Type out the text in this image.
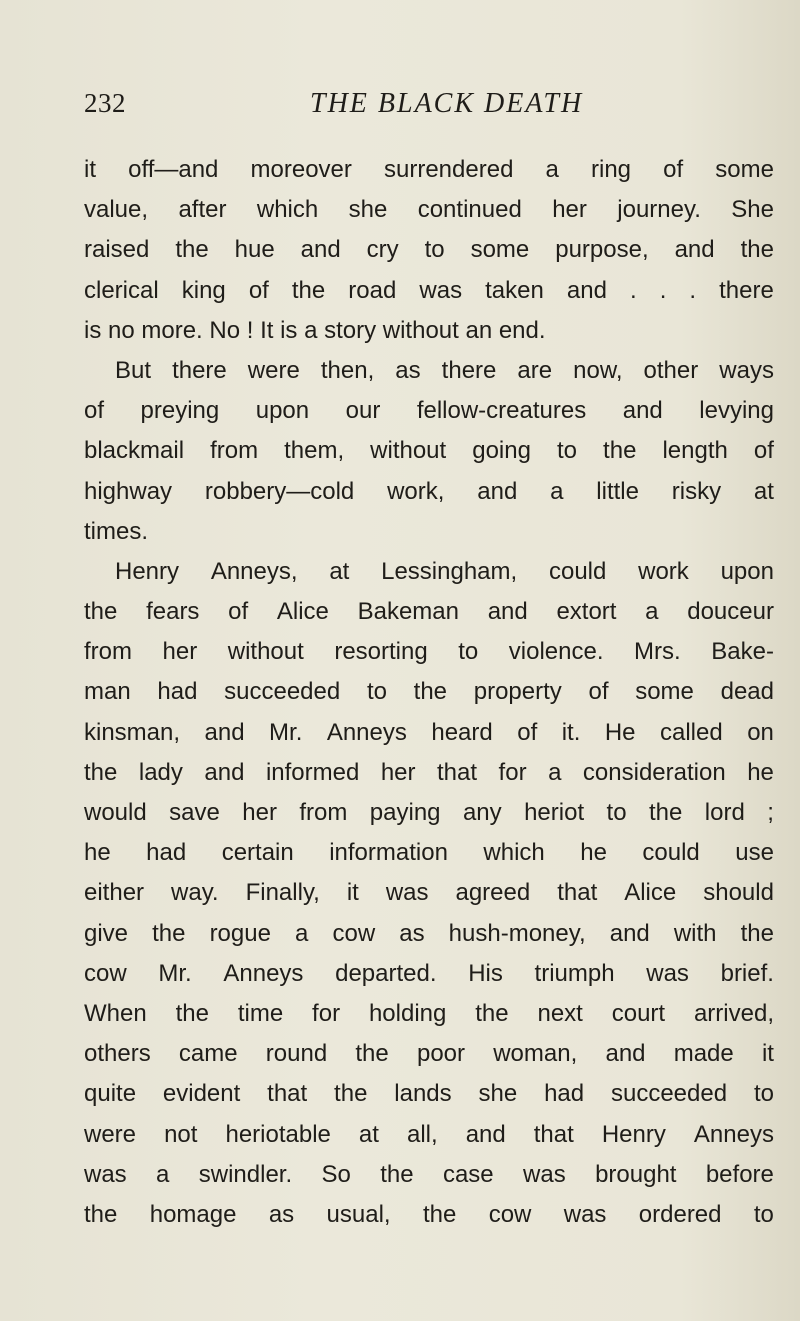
232	THE BLACK DEATH
it off—and moreover surrendered a ring of some
value, after which she continued her journey. She
raised the hue and cry to some purpose, and the
clerical king of the road was taken and . . . there
is no more. No ! It is a story without an end.
But there were then, as there are now, other ways
of preying upon our fellow-creatures and levying
blackmail from them, without going to the length of
highway robbery—cold work, and a little risky at
times.
Henry Anneys, at Lessingham, could work upon
the fears of Alice Bakeman and extort a douceur
from her without resorting to violence. Mrs. Bake-
man had succeeded to the property of some dead
kinsman, and Mr. Anneys heard of it. He called on
the lady and informed her that for a consideration he
would save her from paying any heriot to the lord ;
he had certain information which he could use
either way. Finally, it was agreed that Alice should
give the rogue a cow as hush-money, and with the
cow Mr. Anneys departed. His triumph was brief.
When the time for holding the next court arrived,
others came round the poor woman, and made it
quite evident that the lands she had succeeded to
were not heriotable at all, and that Henry Anneys
was a swindler. So the case was brought before
the homage as usual, the cow was ordered to
